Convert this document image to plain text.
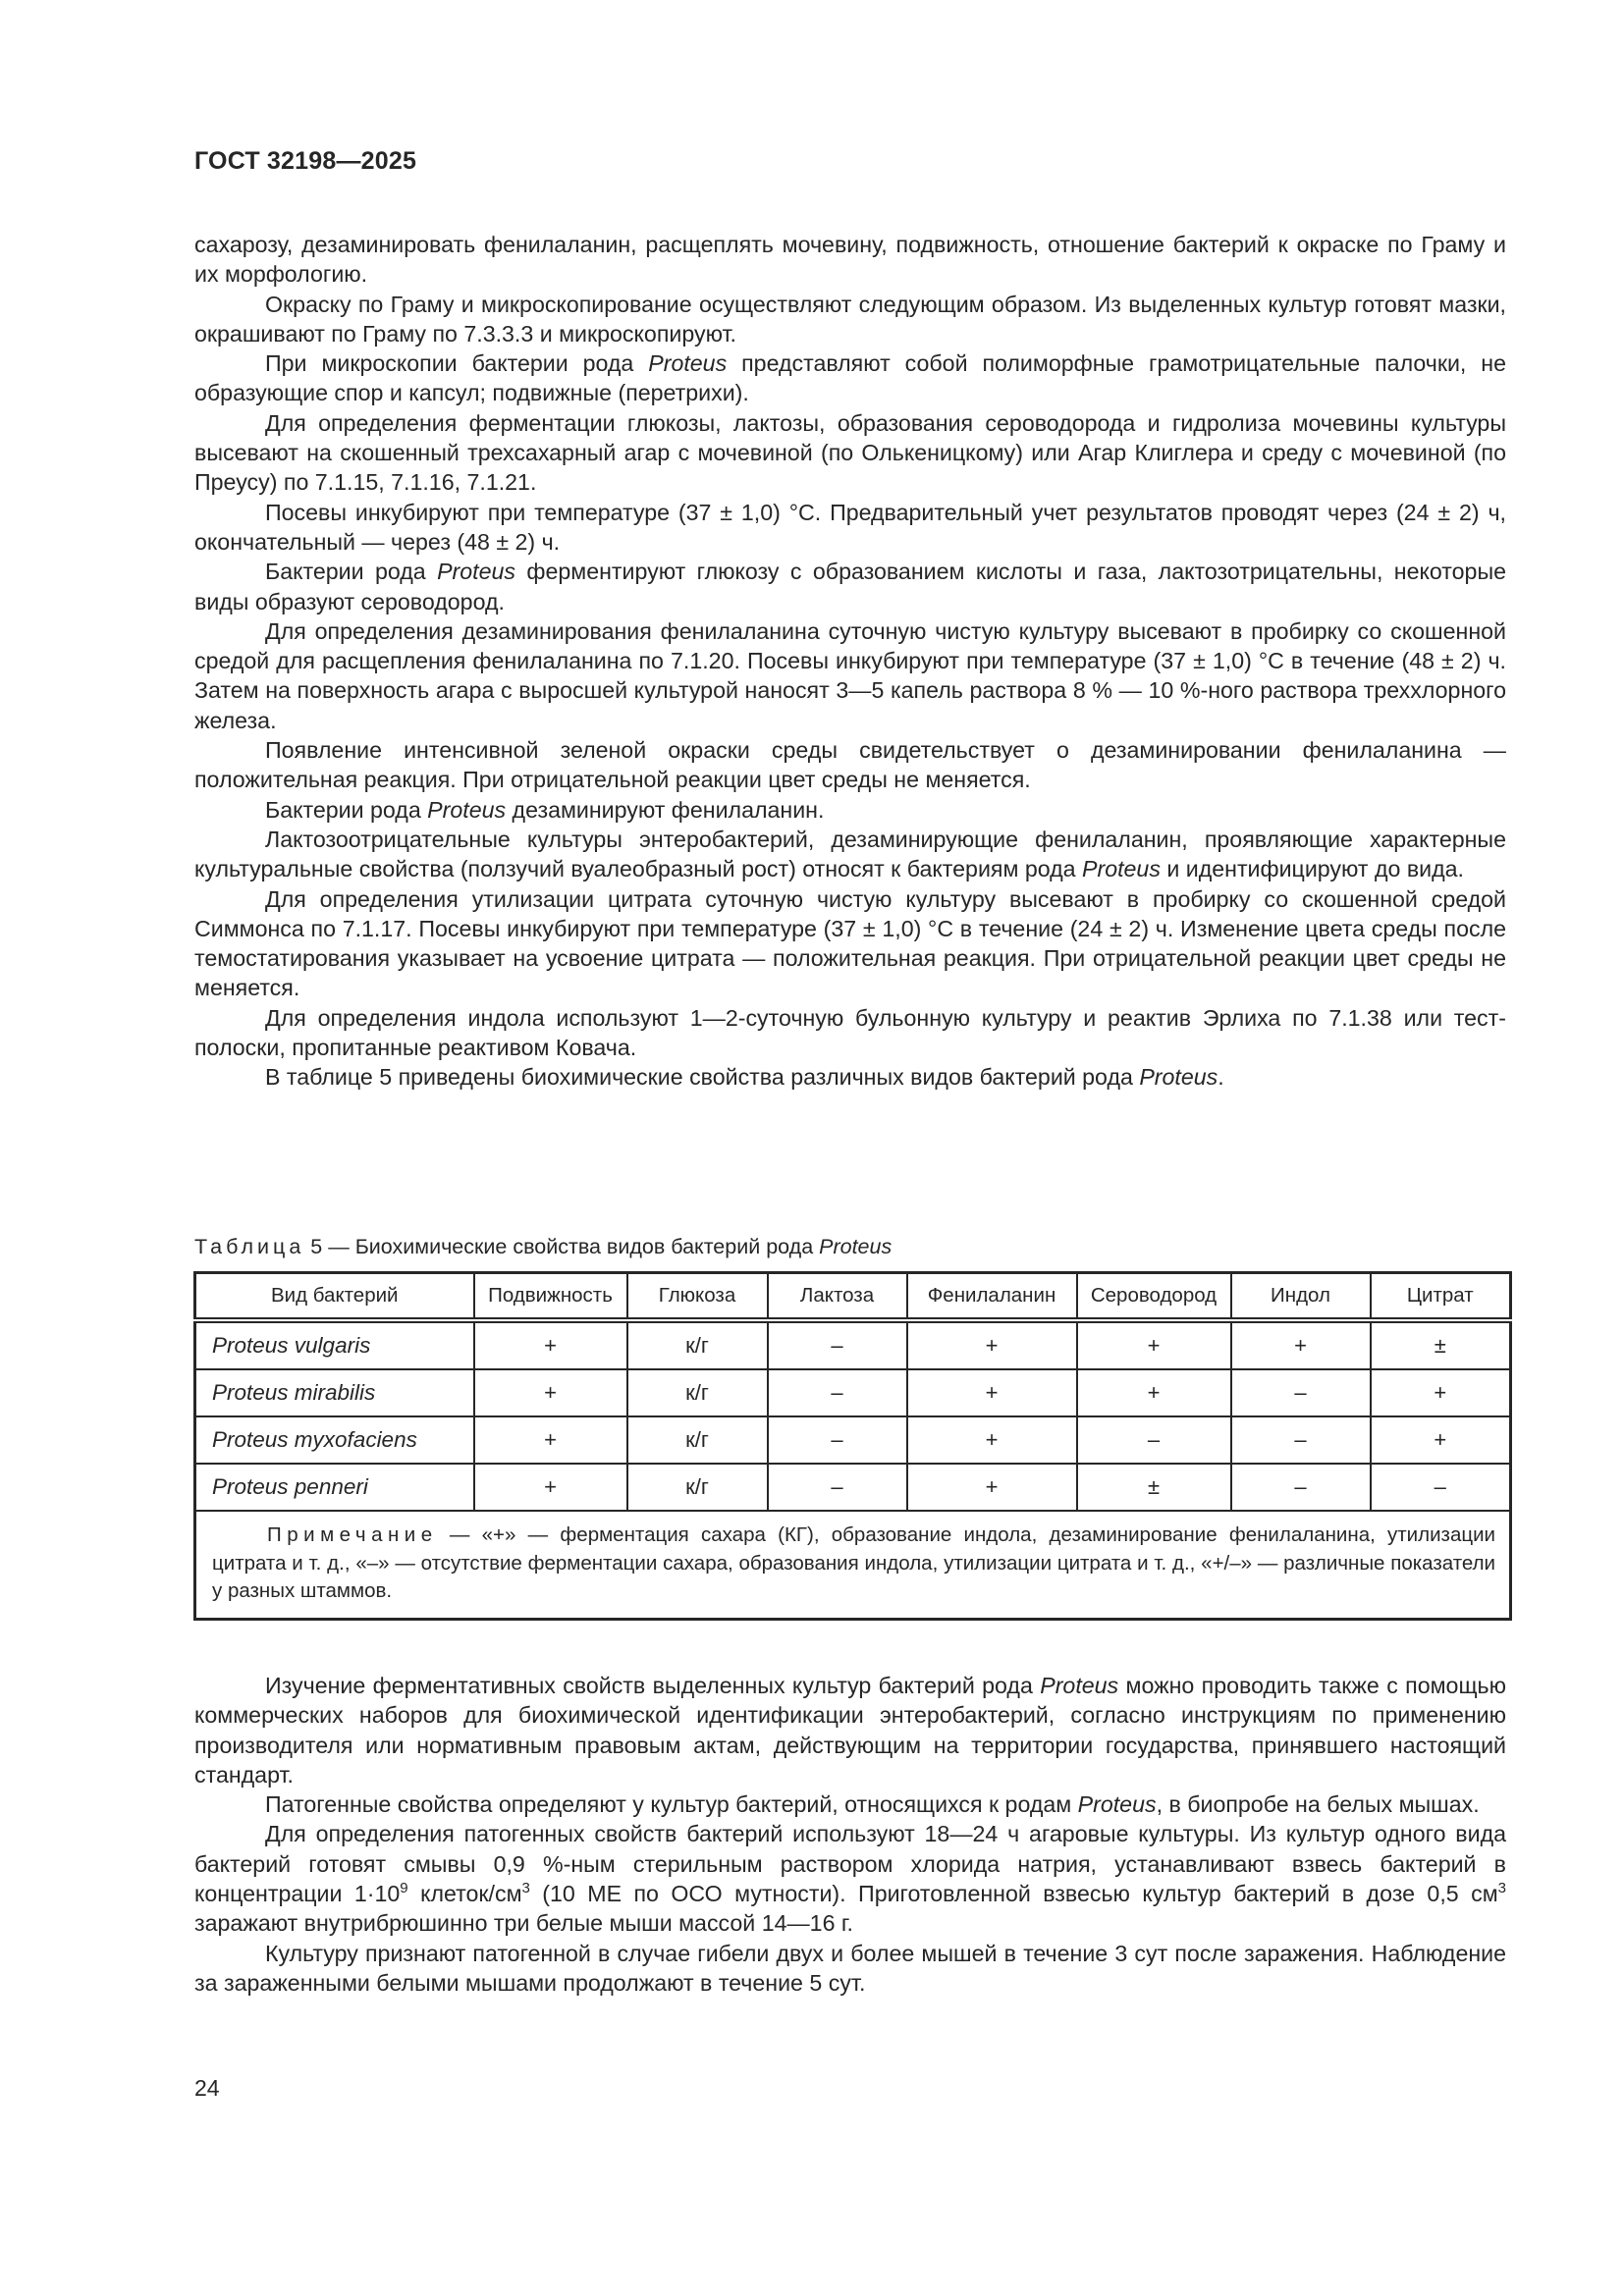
ГОСТ 32198—2025

сахарозу, дезаминировать фенилаланин, расщеплять мочевину, подвижность, отношение бактерий к окраске по Граму и их морфологию.

Окраску по Граму и микроскопирование осуществляют следующим образом. Из выделенных культур готовят мазки, окрашивают по Граму по 7.3.3.3 и микроскопируют.

При микроскопии бактерии рода Proteus представляют собой полиморфные грамотрицательные палочки, не образующие спор и капсул; подвижные (перетрихи).

Для определения ферментации глюкозы, лактозы, образования сероводорода и гидролиза мочевины культуры высевают на скошенный трехсахарный агар с мочевиной (по Олькеницкому) или Агар Клиглера и среду с мочевиной (по Преусу) по 7.1.15, 7.1.16, 7.1.21.

Посевы инкубируют при температуре (37 ± 1,0) °С. Предварительный учет результатов проводят через (24 ± 2) ч, окончательный — через (48 ± 2) ч.

Бактерии рода Proteus ферментируют глюкозу с образованием кислоты и газа, лактозотрицательны, некоторые виды образуют сероводород.

Для определения дезаминирования фенилаланина суточную чистую культуру высевают в пробирку со скошенной средой для расщепления фенилаланина по 7.1.20. Посевы инкубируют при температуре (37 ± 1,0) °С в течение (48 ± 2) ч. Затем на поверхность агара с выросшей культурой наносят 3—5 капель раствора 8 % — 10 %-ного раствора треххлорного железа.

Появление интенсивной зеленой окраски среды свидетельствует о дезаминировании фенилаланина — положительная реакция. При отрицательной реакции цвет среды не меняется.

Бактерии рода Proteus дезаминируют фенилаланин.

Лактозоотрицательные культуры энтеробактерий, дезаминирующие фенилаланин, проявляющие характерные культуральные свойства (ползучий вуалеобразный рост) относят к бактериям рода Proteus и идентифицируют до вида.

Для определения утилизации цитрата суточную чистую культуру высевают в пробирку со скошенной средой Симмонса по 7.1.17. Посевы инкубируют при температуре (37 ± 1,0) °С в течение (24 ± 2) ч. Изменение цвета среды после темостатирования указывает на усвоение цитрата — положительная реакция. При отрицательной реакции цвет среды не меняется.

Для определения индола используют 1—2-суточную бульонную культуру и реактив Эрлиха по 7.1.38 или тест-полоски, пропитанные реактивом Ковача.

В таблице 5 приведены биохимические свойства различных видов бактерий рода Proteus.

Таблица 5 — Биохимические свойства видов бактерий рода Proteus
Вид бактерий	Подвижность	Глюкоза	Лактоза	Фенилаланин	Сероводород	Индол	Цитрат
Proteus vulgaris	+	к/г	–	+	+	+	±
Proteus mirabilis	+	к/г	–	+	+	–	+
Proteus myxofaciens	+	к/г	–	+	–	–	+
Proteus penneri	+	к/г	–	+	±	–	–
Примечание — «+» — ферментация сахара (КГ), образование индола, дезаминирование фенилаланина, утилизации цитрата и т. д., «–» — отсутствие ферментации сахара, образования индола, утилизации цитрата и т. д., «+/–» — различные показатели у разных штаммов.							

Изучение ферментативных свойств выделенных культур бактерий рода Proteus можно проводить также с помощью коммерческих наборов для биохимической идентификации энтеробактерий, согласно инструкциям по применению производителя или нормативным правовым актам, действующим на территории государства, принявшего настоящий стандарт.

Патогенные свойства определяют у культур бактерий, относящихся к родам Proteus, в биопробе на белых мышах.

Для определения патогенных свойств бактерий используют 18—24 ч агаровые культуры. Из культур одного вида бактерий готовят смывы 0,9 %-ным стерильным раствором хлорида натрия, устанавливают взвесь бактерий в концентрации $1\cdot 10^9$ клеток/$см^3$ (10 МЕ по ОСО мутности). Приготовленной взвесью культур бактерий в дозе 0,5 $см^3$ заражают внутрибрюшинно три белые мыши массой 14—16 г.

Культуру признают патогенной в случае гибели двух и более мышей в течение 3 сут после заражения. Наблюдение за зараженными белыми мышами продолжают в течение 5 сут.

24
